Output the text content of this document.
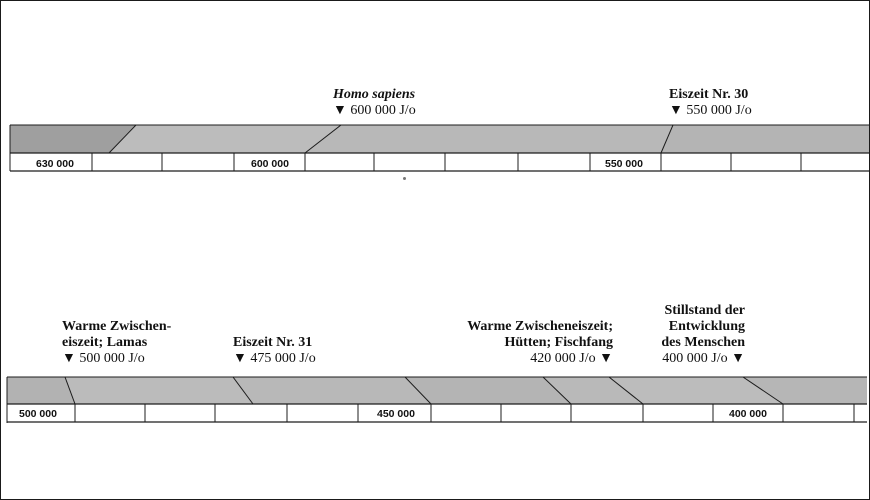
630 000	600 000	550 000
Homo sapiens
▼ 600 000 J/o
Eiszeit Nr. 30
▼ 550 000 J/o
500 000	450 000	400 000
Warme Zwischen-
eiszeit; Lamas
▼ 500 000 J/o
Eiszeit Nr. 31
▼ 475 000 J/o
Warme Zwischeneiszeit;
Hütten; Fischfang
420 000 J/o ▼
Stillstand der
Entwicklung
des Menschen
400 000 J/o ▼
